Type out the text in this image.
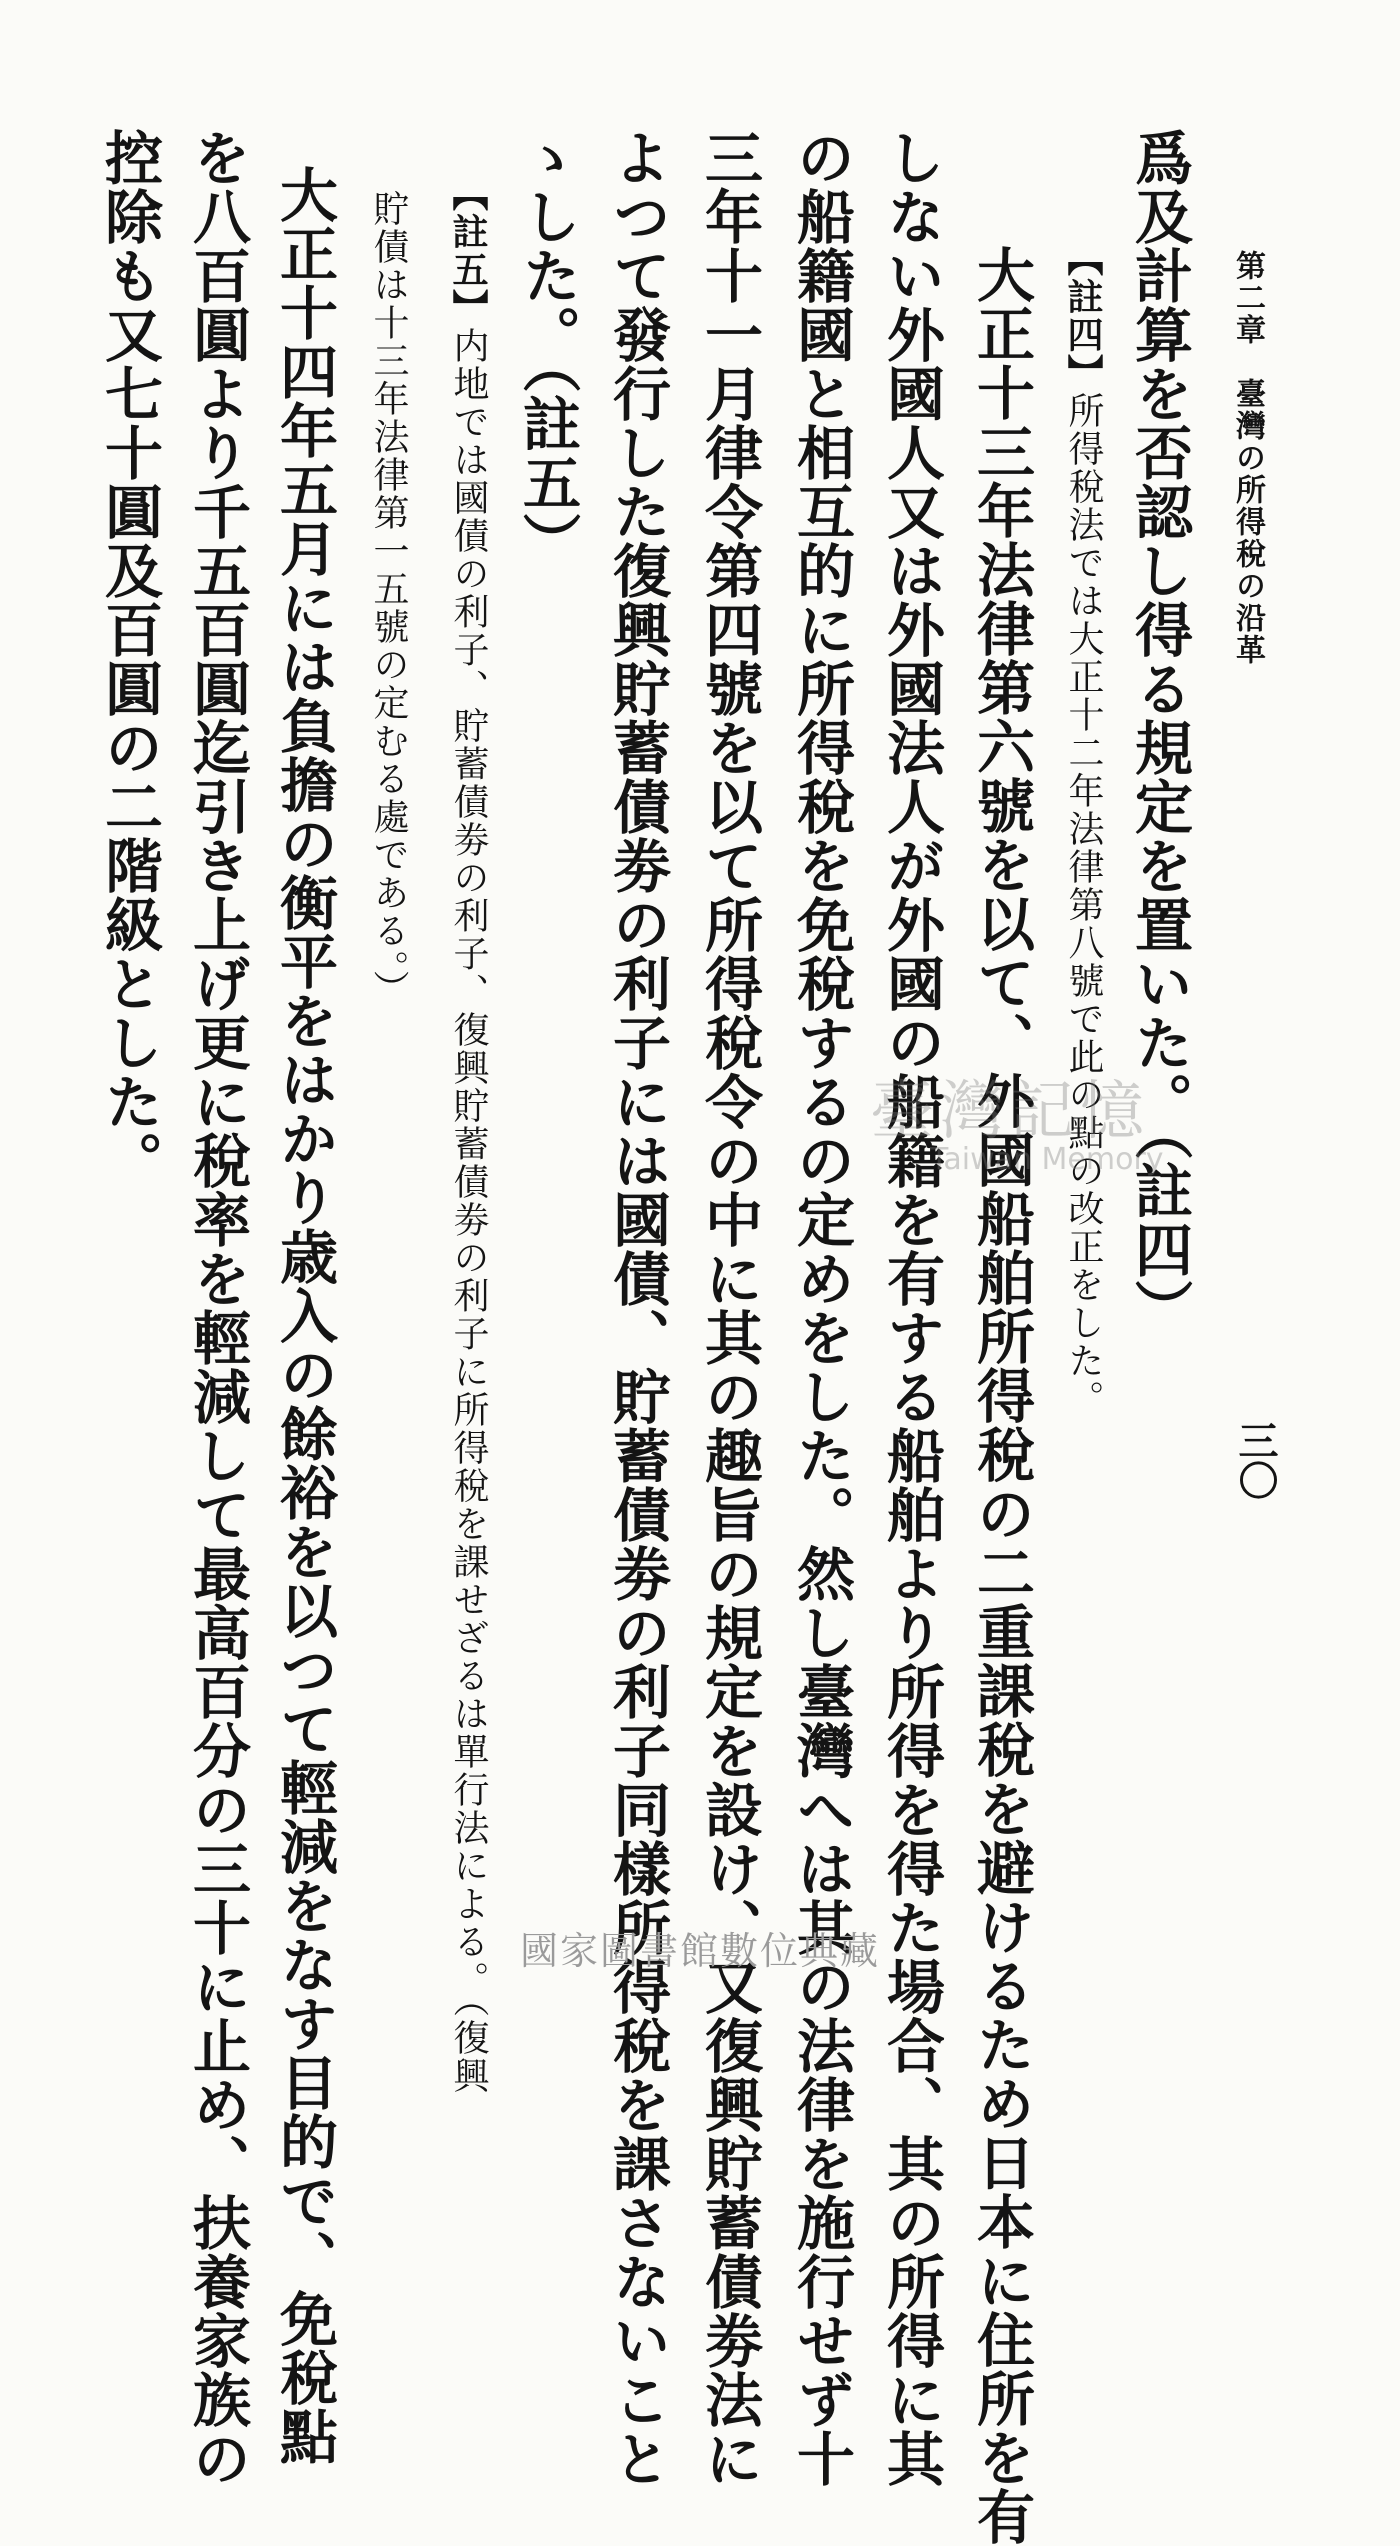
第二章　臺灣の所得稅の沿革
三〇
爲及計算を否認し得る規定を置いた。（註四）
【註四】所得稅法では大正十二年法律第八號で此の點の改正をした。
大正十三年法律第六號を以て、外國船舶所得稅の二重課稅を避けるため日本に住所を有
しない外國人又は外國法人が外國の船籍を有する船舶より所得を得た場合、其の所得に其
の船籍國と相互的に所得稅を免稅するの定めをした。然し臺灣へは其の法律を施行せず十
三年十一月律令第四號を以て所得稅令の中に其の趣旨の規定を設け、又復興貯蓄債劵法に
よつて發行した復興貯蓄債劵の利子には國債、貯蓄債劵の利子同樣所得稅を課さないこと
ゝした。（註五）
【註五】内地では國債の利子、貯蓄債劵の利子、復興貯蓄債劵の利子に所得稅を課せざるは單行法による。（復興
貯債は十三年法律第一五號の定むる處である。）
大正十四年五月には負擔の衡平をはかり歳入の餘裕を以つて輕減をなす目的で、免稅點
を八百圓より千五百圓迄引き上げ更に稅率を輕減して最高百分の三十に止め、扶養家族の
控除も又七十圓及百圓の二階級とした。	臺灣記憶
Taiwan Memory
國家圖書館數位典藏
